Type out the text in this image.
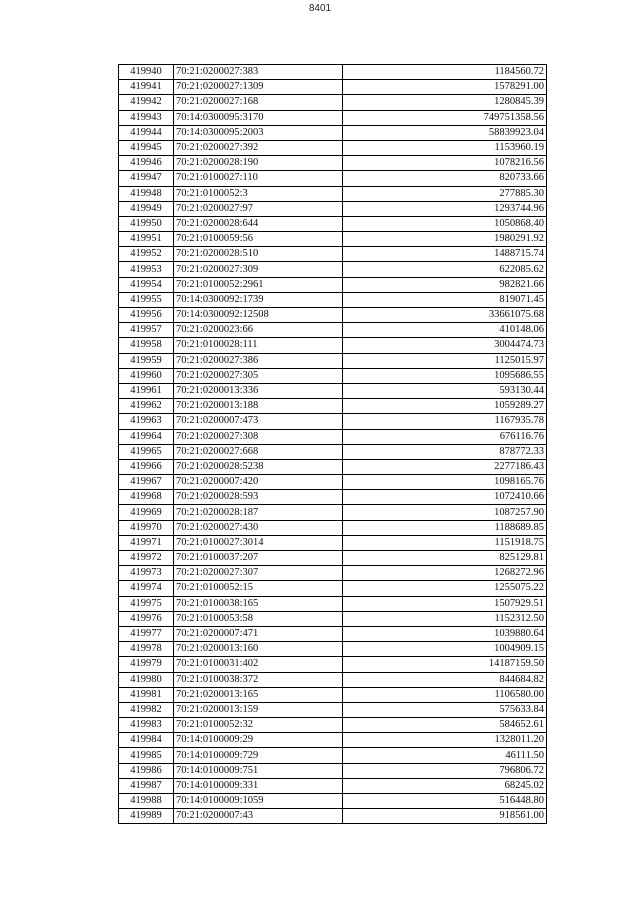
8401
419940	70:21:0200027:383	1184560.72
419941	70:21:0200027:1309	1578291.00
419942	70:21:0200027:168	1280845.39
419943	70:14:0300095:3170	749751358.56
419944	70:14:0300095:2003	58839923.04
419945	70:21:0200027:392	1153960.19
419946	70:21:0200028:190	1078216.56
419947	70:21:0100027:110	820733.66
419948	70:21:0100052:3	277885.30
419949	70:21:0200027:97	1293744.96
419950	70:21:0200028:644	1050868.40
419951	70:21:0100059:56	1980291.92
419952	70:21:0200028:510	1488715.74
419953	70:21:0200027:309	622085.62
419954	70:21:0100052:2961	982821.66
419955	70:14:0300092:1739	819071.45
419956	70:14:0300092:12508	33661075.68
419957	70:21:0200023:66	410148.06
419958	70:21:0100028:111	3004474.73
419959	70:21:0200027:386	1125015.97
419960	70:21:0200027:305	1095686.55
419961	70:21:0200013:336	593130.44
419962	70:21:0200013:188	1059289.27
419963	70:21:0200007:473	1167935.78
419964	70:21:0200027:308	676116.76
419965	70:21:0200027:668	878772.33
419966	70:21:0200028:5238	2277186.43
419967	70:21:0200007:420	1098165.76
419968	70:21:0200028:593	1072410.66
419969	70:21:0200028:187	1087257.90
419970	70:21:0200027:430	1188689.85
419971	70:21:0100027:3014	1151918.75
419972	70:21:0100037:207	825129.81
419973	70:21:0200027:307	1268272.96
419974	70:21:0100052:15	1255075.22
419975	70:21:0100038:165	1507929.51
419976	70:21:0100053:58	1152312.50
419977	70:21:0200007:471	1039880.64
419978	70:21:0200013:160	1004909.15
419979	70:21:0100031:402	14187159.50
419980	70:21:0100038:372	844684.82
419981	70:21:0200013:165	1106580.00
419982	70:21:0200013:159	575633.84
419983	70:21:0100052:32	584652.61
419984	70:14:0100009:29	1328011.20
419985	70:14:0100009:729	46111.50
419986	70:14:0100009:751	796806.72
419987	70:14:0100009:331	68245.02
419988	70:14:0100009:1059	516448.80
419989	70:21:0200007:43	918561.00
